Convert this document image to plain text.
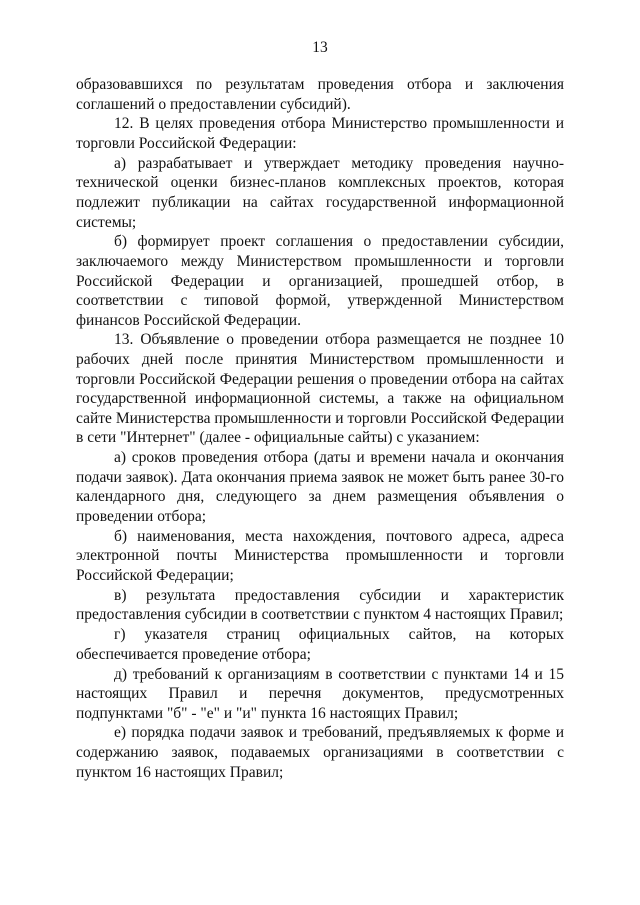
13

образовавшихся по результатам проведения отбора и заключения соглашений о предоставлении субсидий).

12. В целях проведения отбора Министерство промышленности и торговли Российской Федерации:

а) разрабатывает и утверждает методику проведения научно-технической оценки бизнес-планов комплексных проектов, которая подлежит публикации на сайтах государственной информационной системы;

б) формирует проект соглашения о предоставлении субсидии, заключаемого между Министерством промышленности и торговли Российской Федерации и организацией, прошедшей отбор, в соответствии с типовой формой, утвержденной Министерством финансов Российской Федерации.

13. Объявление о проведении отбора размещается не позднее 10 рабочих дней после принятия Министерством промышленности и торговли Российской Федерации решения о проведении отбора на сайтах государственной информационной системы, а также на официальном сайте Министерства промышленности и торговли Российской Федерации в сети "Интернет" (далее - официальные сайты) с указанием:

а) сроков проведения отбора (даты и времени начала и окончания подачи заявок). Дата окончания приема заявок не может быть ранее 30-го календарного дня, следующего за днем размещения объявления о проведении отбора;

б) наименования, места нахождения, почтового адреса, адреса электронной почты Министерства промышленности и торговли Российской Федерации;

в) результата предоставления субсидии и характеристик предоставления субсидии в соответствии с пунктом 4 настоящих Правил;

г) указателя страниц официальных сайтов, на которых обеспечивается проведение отбора;

д) требований к организациям в соответствии с пунктами 14 и 15 настоящих Правил и перечня документов, предусмотренных подпунктами "б" - "е" и "и" пункта 16 настоящих Правил;

е) порядка подачи заявок и требований, предъявляемых к форме и содержанию заявок, подаваемых организациями в соответствии с пунктом 16 настоящих Правил;
